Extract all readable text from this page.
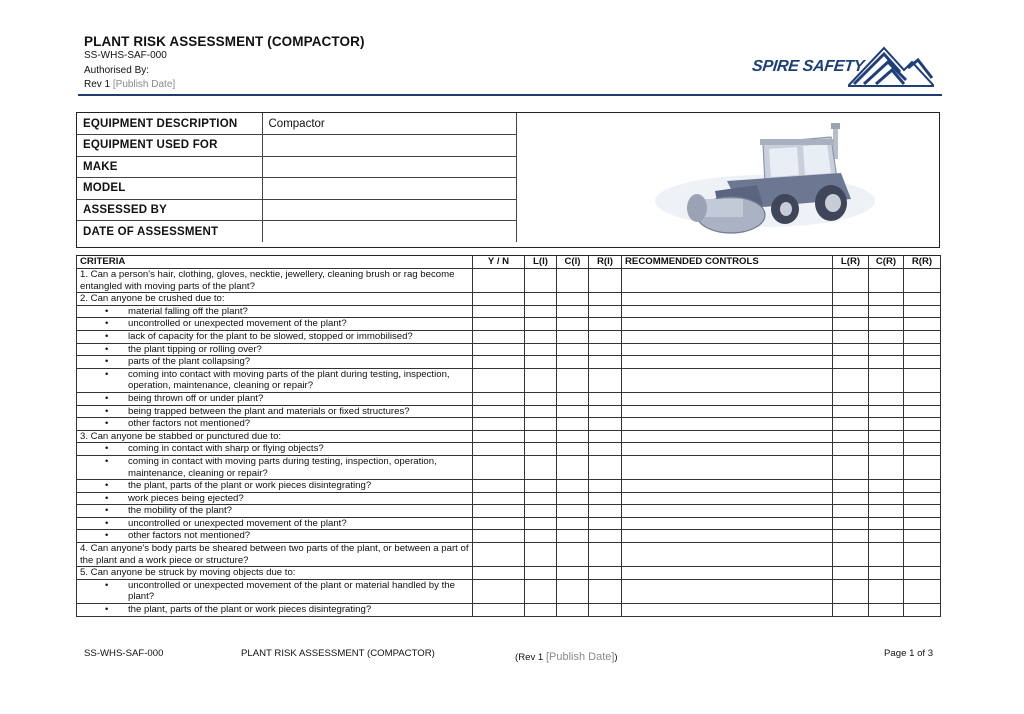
PLANT RISK ASSESSMENT (COMPACTOR)
SS-WHS-SAF-000
Authorised By:
Rev 1 [Publish Date]
SPIRE SAFETY
EQUIPMENT DESCRIPTION	Compactor
EQUIPMENT USED FOR	
MAKE	
MODEL	
ASSESSED BY	
DATE OF ASSESSMENT	
CRITERIA	Y / N	L(I)	C(I)	R(I)	RECOMMENDED CONTROLS	L(R)	C(R)	R(R)
1. Can a person's hair, clothing, gloves, necktie, jewellery, cleaning brush or rag become entangled with moving parts of the plant?								
2. Can anyone be crushed due to:								
• material falling off the plant?								
• uncontrolled or unexpected movement of the plant?								
• lack of capacity for the plant to be slowed, stopped or immobilised?								
• the plant tipping or rolling over?								
• parts of the plant collapsing?								
• coming into contact with moving parts of the plant during testing, inspection, operation, maintenance, cleaning or repair?								
• being thrown off or under plant?								
• being trapped between the plant and materials or fixed structures?								
• other factors not mentioned?								
3. Can anyone be stabbed or punctured due to:								
• coming in contact with sharp or flying objects?								
• coming in contact with moving parts during testing, inspection, operation, maintenance, cleaning or repair?								
• the plant, parts of the plant or work pieces disintegrating?								
• work pieces being ejected?								
• the mobility of the plant?								
• uncontrolled or unexpected movement of the plant?								
• other factors not mentioned?								
4. Can anyone's body parts be sheared between two parts of the plant, or between a part of the plant and a work piece or structure?								
5. Can anyone be struck by moving objects due to:								
• uncontrolled or unexpected movement of the plant or material handled by the plant?								
• the plant, parts of the plant or work pieces disintegrating?								
SS-WHS-SAF-000	PLANT RISK ASSESSMENT (COMPACTOR)	(Rev 1 [Publish Date])	Page 1 of 3
